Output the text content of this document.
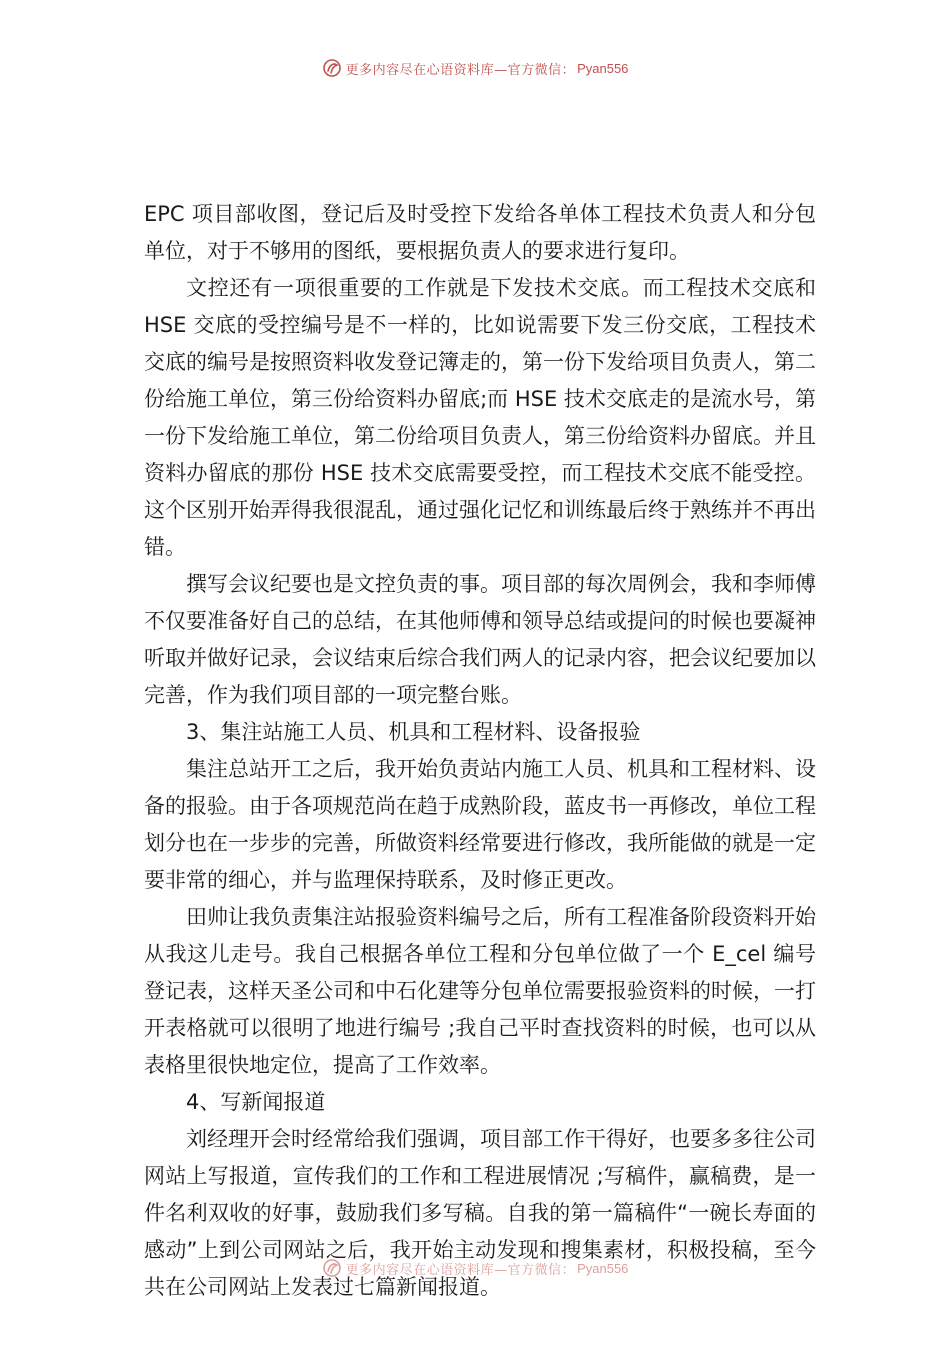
更多内容尽在心语资料库—官方微信： Pyan556

EPC 项目部收图，登记后及时受控下发给各单体工程技术负责人和分包单位，对于不够用的图纸，要根据负责人的要求进行复印。

文控还有一项很重要的工作就是下发技术交底。而工程技术交底和 HSE 交底的受控编号是不一样的，比如说需要下发三份交底，工程技术交底的编号是按照资料收发登记簿走的，第一份下发给项目负责人，第二份给施工单位，第三份给资料办留底;而 HSE 技术交底走的是流水号，第一份下发给施工单位，第二份给项目负责人，第三份给资料办留底。并且资料办留底的那份 HSE 技术交底需要受控，而工程技术交底不能受控。这个区别开始弄得我很混乱，通过强化记忆和训练最后终于熟练并不再出错。

撰写会议纪要也是文控负责的事。项目部的每次周例会，我和李师傅不仅要准备好自己的总结，在其他师傅和领导总结或提问的时候也要凝神听取并做好记录，会议结束后综合我们两人的记录内容，把会议纪要加以完善，作为我们项目部的一项完整台账。

3、集注站施工人员、机具和工程材料、设备报验

集注总站开工之后，我开始负责站内施工人员、机具和工程材料、设备的报验。由于各项规范尚在趋于成熟阶段，蓝皮书一再修改，单位工程划分也在一步步的完善，所做资料经常要进行修改，我所能做的就是一定要非常的细心，并与监理保持联系，及时修正更改。

田帅让我负责集注站报验资料编号之后，所有工程准备阶段资料开始从我这儿走号。我自己根据各单位工程和分包单位做了一个 E_cel 编号登记表，这样天圣公司和中石化建等分包单位需要报验资料的时候，一打开表格就可以很明了地进行编号 ;我自己平时查找资料的时候，也可以从表格里很快地定位，提高了工作效率。

4、写新闻报道

刘经理开会时经常给我们强调，项目部工作干得好，也要多多往公司网站上写报道，宣传我们的工作和工程进展情况 ;写稿件，赢稿费，是一件名利双收的好事，鼓励我们多写稿。自我的第一篇稿件“一碗长寿面的感动”上到公司网站之后，我开始主动发现和搜集素材，积极投稿，至今共在公司网站上发表过七篇新闻报道。

更多内容尽在心语资料库—官方微信： Pyan556
